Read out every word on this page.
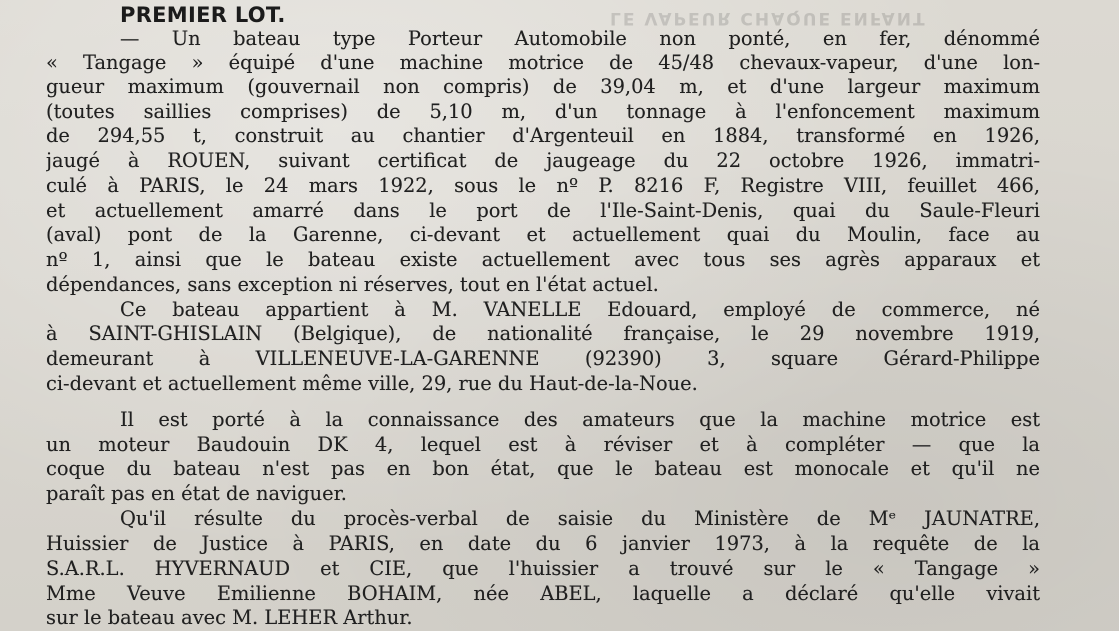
LE VAPEUR CHAQUE ENFANT
PREMIER LOT.
— Un bateau type Porteur Automobile non ponté, en fer, dénommé
« Tangage » équipé d'une machine motrice de 45/48 chevaux-vapeur, d'une lon-
gueur maximum (gouvernail non compris) de 39,04 m, et d'une largeur maximum
(toutes saillies comprises) de 5,10 m, d'un tonnage à l'enfoncement maximum
de 294,55 t, construit au chantier d'Argenteuil en 1884, transformé en 1926,
jaugé à ROUEN, suivant certificat de jaugeage du 22 octobre 1926, immatri-
culé à PARIS, le 24 mars 1922, sous le nº P. 8216 F, Registre VIII, feuillet 466,
et actuellement amarré dans le port de l'Ile-Saint-Denis, quai du Saule-Fleuri
(aval) pont de la Garenne, ci-devant et actuellement quai du Moulin, face au
nº 1, ainsi que le bateau existe actuellement avec tous ses agrès apparaux et
dépendances, sans exception ni réserves, tout en l'état actuel.
Ce bateau appartient à M. VANELLE Edouard, employé de commerce, né
à SAINT-GHISLAIN (Belgique), de nationalité française, le 29 novembre 1919,
demeurant à VILLENEUVE-LA-GARENNE (92390) 3, square Gérard-Philippe
ci-devant et actuellement même ville, 29, rue du Haut-de-la-Noue.
Il est porté à la connaissance des amateurs que la machine motrice est
un moteur Baudouin DK 4, lequel est à réviser et à compléter — que la
coque du bateau n'est pas en bon état, que le bateau est monocale et qu'il ne
paraît pas en état de naviguer.
Qu'il résulte du procès-verbal de saisie du Ministère de Mᵉ JAUNATRE,
Huissier de Justice à PARIS, en date du 6 janvier 1973, à la requête de la
S.A.R.L. HYVERNAUD et CIE, que l'huissier a trouvé sur le « Tangage »
Mme Veuve Emilienne BOHAIM, née ABEL, laquelle a déclaré qu'elle vivait
sur le bateau avec M. LEHER Arthur.
